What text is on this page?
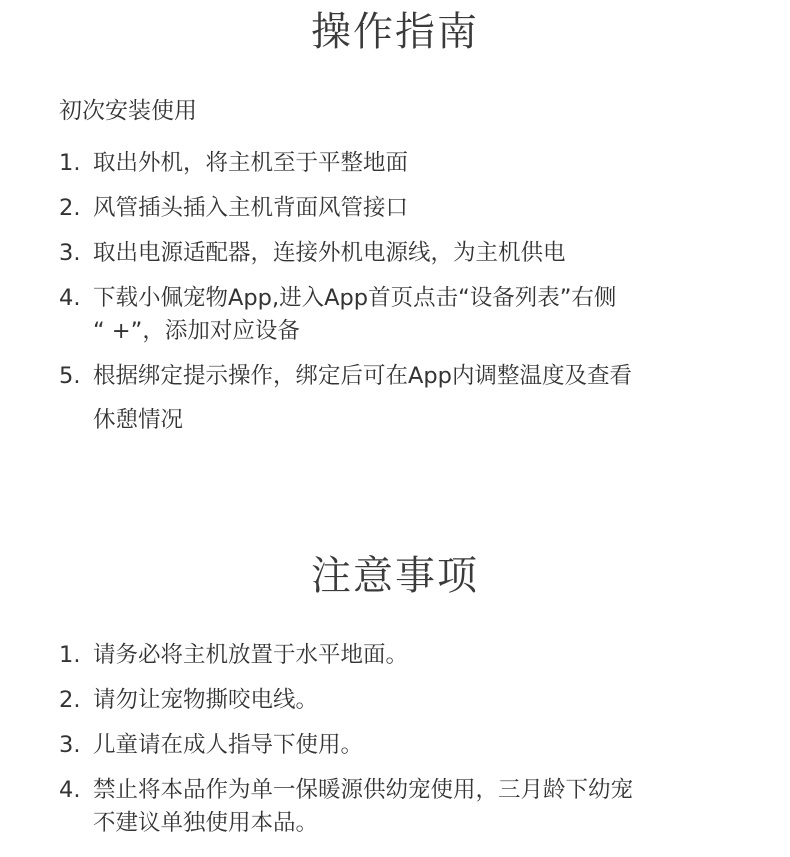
操作指南
初次安装使用
1. 取出外机，将主机至于平整地面
2. 风管插头插入主机背面风管接口
3. 取出电源适配器，连接外机电源线，为主机供电
4. 下载小佩宠物App,进入App首页点击“设备列表”右侧
“ +”，添加对应设备
5. 根据绑定提示操作，绑定后可在App内调整温度及查看
休憩情况
注意事项
1. 请务必将主机放置于水平地面。
2. 请勿让宠物撕咬电线。
3. 儿童请在成人指导下使用。
4. 禁止将本品作为单一保暖源供幼宠使用，三月龄下幼宠
不建议单独使用本品。
